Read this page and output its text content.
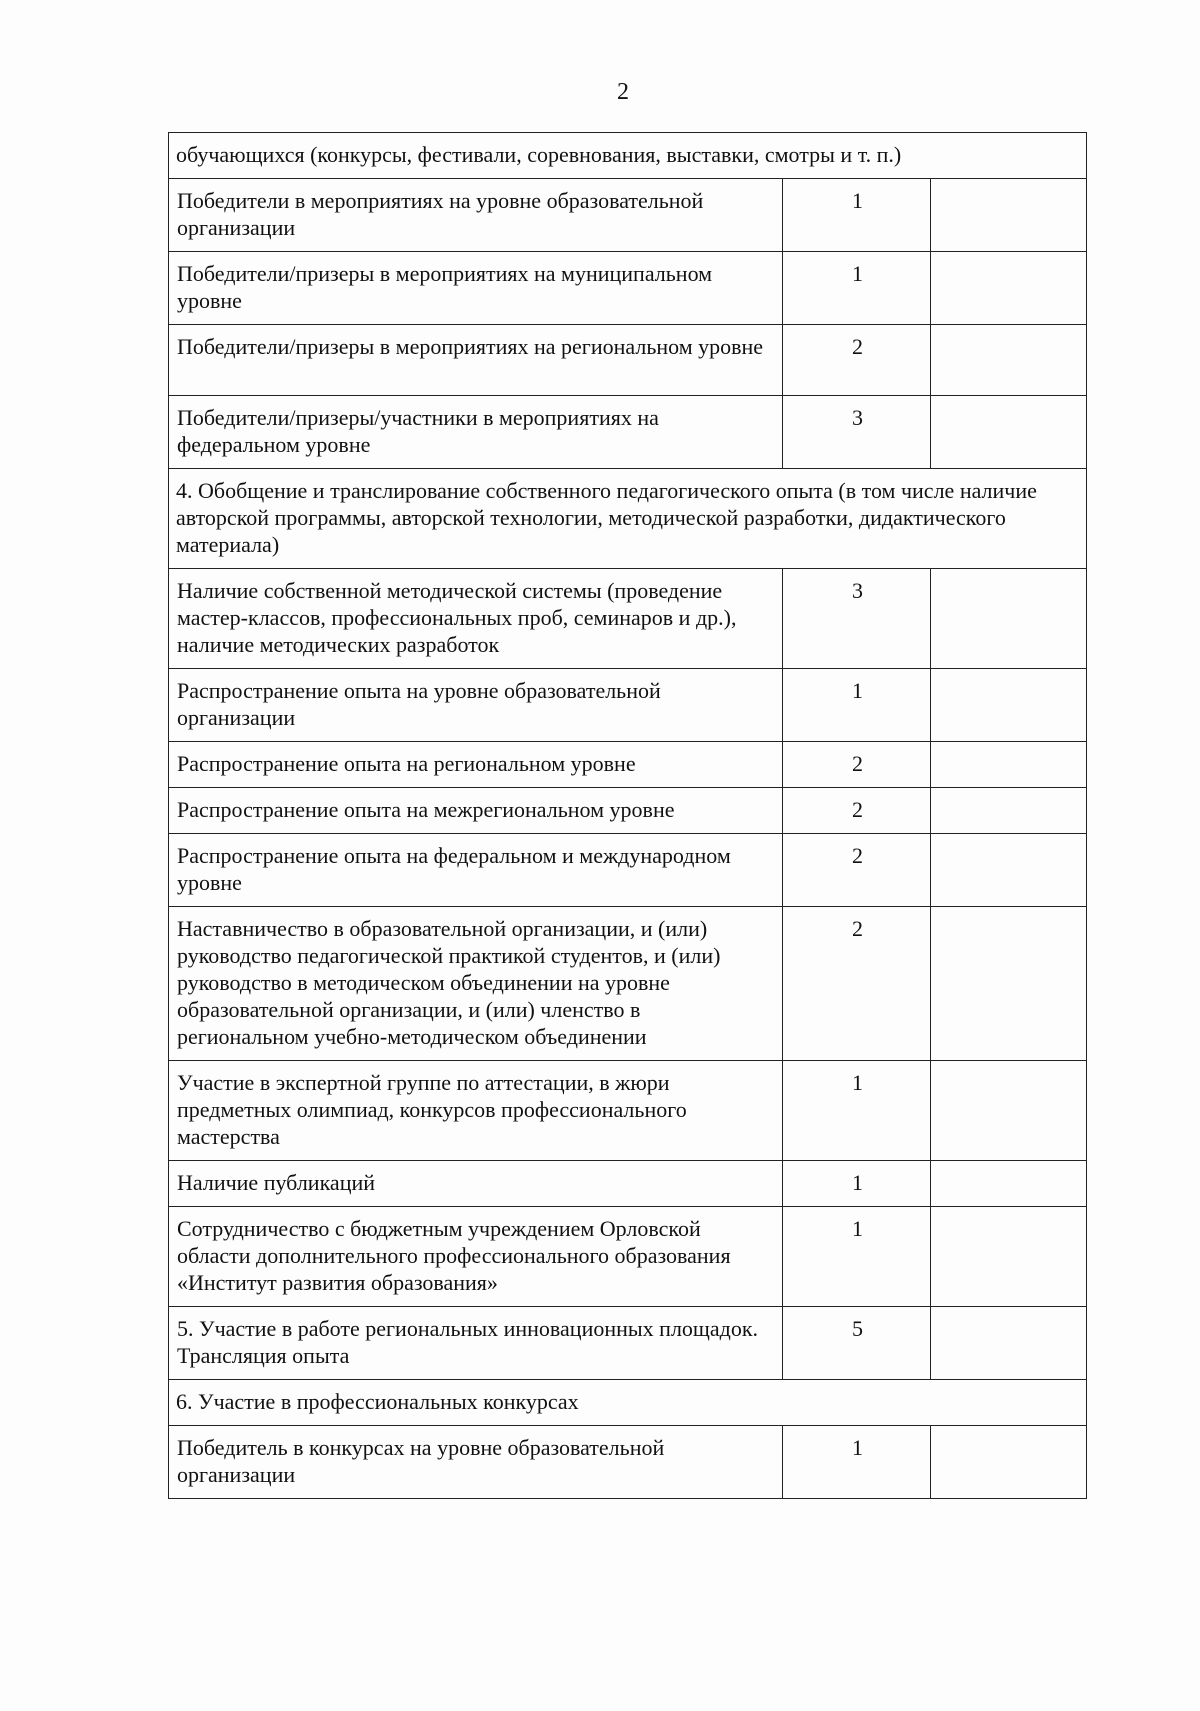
2
обучающихся (конкурсы, фестивали, соревнования, выставки, смотры и т. п.)		
Победители в мероприятиях на уровне образовательной организации	1	
Победители/призеры в мероприятиях на муниципальном уровне	1	
Победители/призеры в мероприятиях на региональном уровне	2	
Победители/призеры/участники в мероприятиях на федеральном уровне	3	
4. Обобщение и транслирование собственного педагогического опыта (в том числе наличие авторской программы, авторской технологии, методической разработки, дидактического материала)		
Наличие собственной методической системы (проведение мастер-классов, профессиональных проб, семинаров и др.), наличие методических разработок	3	
Распространение опыта на уровне образовательной организации	1	
Распространение опыта на региональном уровне	2	
Распространение опыта на межрегиональном уровне	2	
Распространение опыта на федеральном и международном уровне	2	
Наставничество в образовательной организации, и (или) руководство педагогической практикой студентов, и (или) руководство в методическом объединении на уровне образовательной организации, и (или) членство в региональном учебно-методическом объединении	2	
Участие в экспертной группе по аттестации, в жюри предметных олимпиад, конкурсов профессионального мастерства	1	
Наличие публикаций	1	
Сотрудничество с бюджетным учреждением Орловской области дополнительного профессионального образования «Институт развития образования»	1	
5. Участие в работе региональных инновационных площадок. Трансляция опыта	5	
6. Участие в профессиональных конкурсах		
Победитель в конкурсах на уровне образовательной организации	1	
